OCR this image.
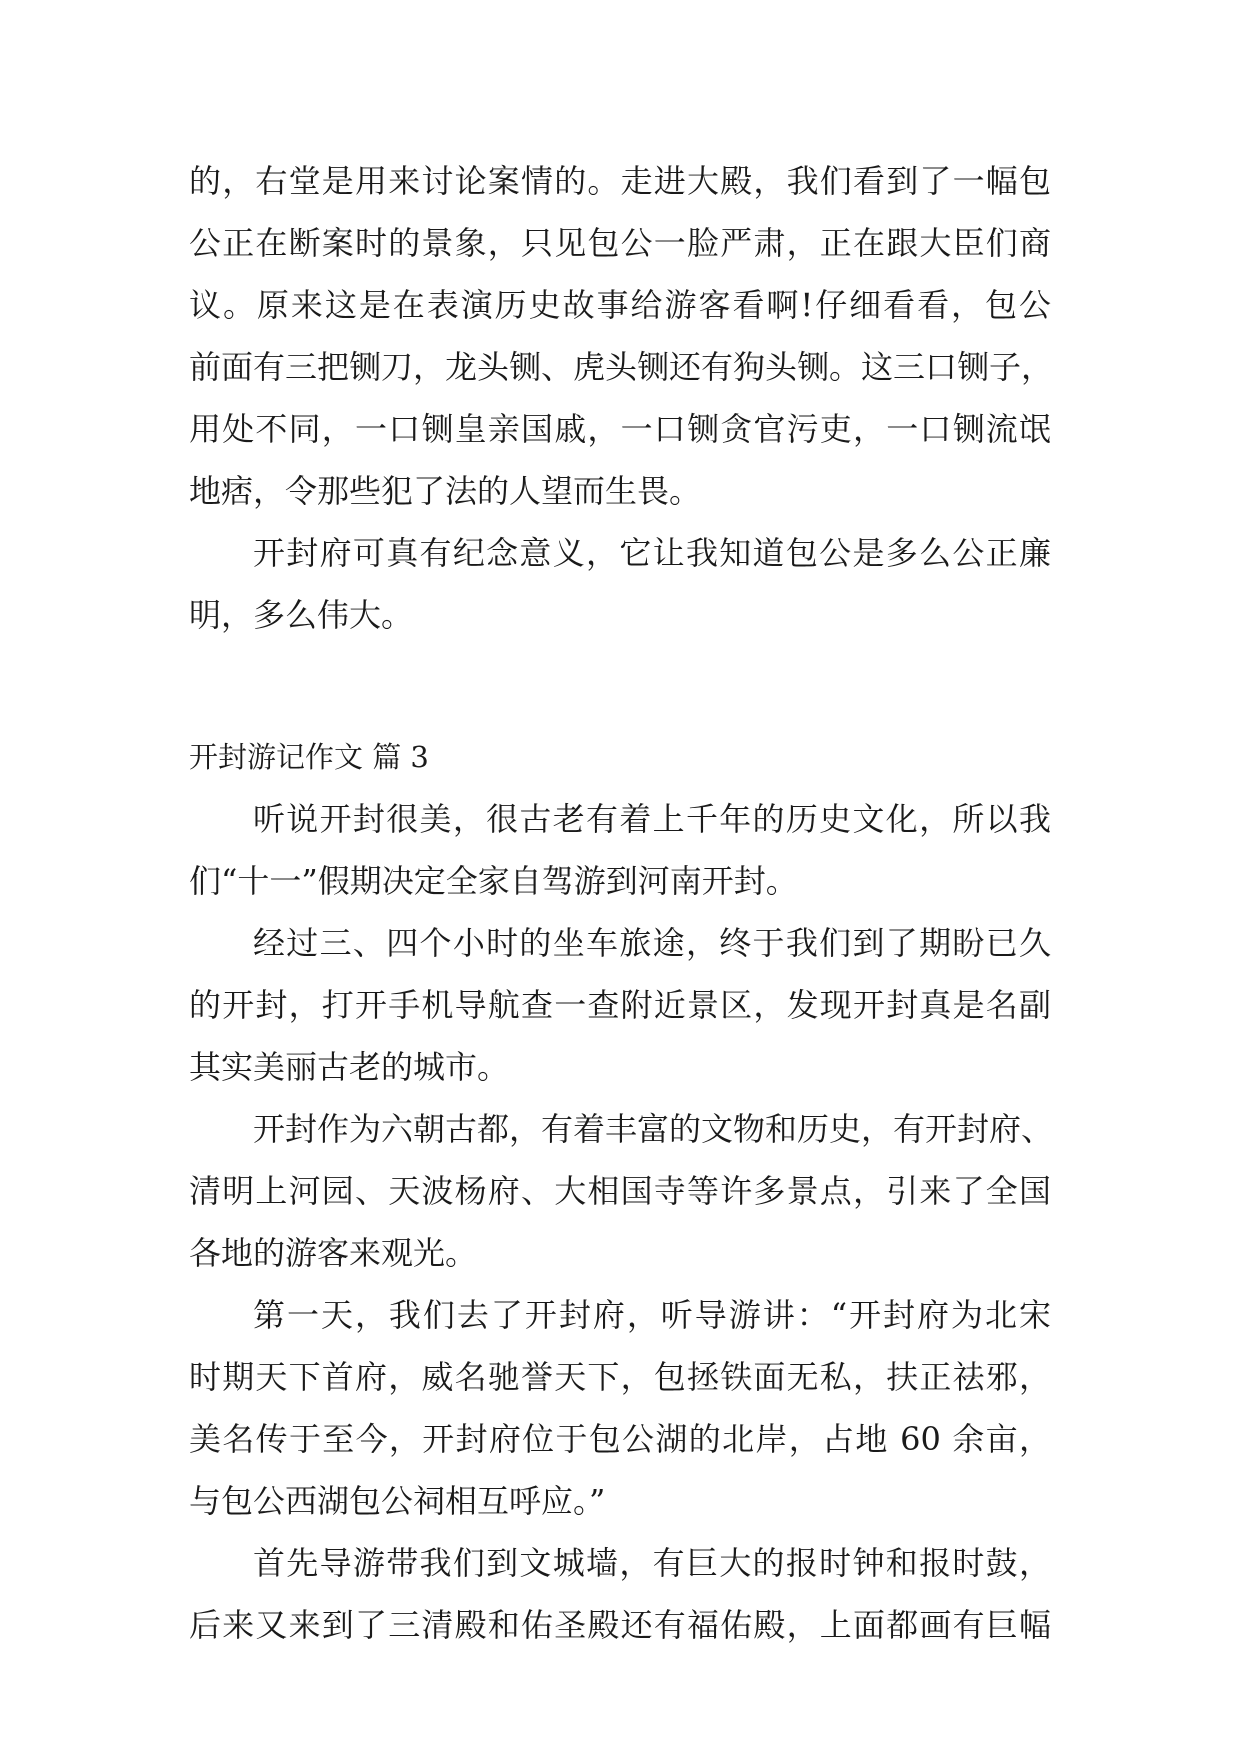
的，右堂是用来讨论案情的。走进大殿，我们看到了一幅包
公正在断案时的景象，只见包公一脸严肃，正在跟大臣们商
议。原来这是在表演历史故事给游客看啊!仔细看看，包公
前面有三把铡刀，龙头铡、虎头铡还有狗头铡。这三口铡子，
用处不同，一口铡皇亲国戚，一口铡贪官污吏，一口铡流氓
地痞，令那些犯了法的人望而生畏。
开封府可真有纪念意义，它让我知道包公是多么公正廉
明，多么伟大。
开封游记作文 篇 3
听说开封很美，很古老有着上千年的历史文化，所以我
们“十一”假期决定全家自驾游到河南开封。
经过三、四个小时的坐车旅途，终于我们到了期盼已久
的开封，打开手机导航查一查附近景区，发现开封真是名副
其实美丽古老的城市。
开封作为六朝古都，有着丰富的文物和历史，有开封府、
清明上河园、天波杨府、大相国寺等许多景点，引来了全国
各地的游客来观光。
第一天，我们去了开封府，听导游讲：“开封府为北宋
时期天下首府，威名驰誉天下，包拯铁面无私，扶正祛邪，
美名传于至今，开封府位于包公湖的北岸，占地 60 余亩，
与包公西湖包公祠相互呼应。”
首先导游带我们到文城墙，有巨大的报时钟和报时鼓，
后来又来到了三清殿和佑圣殿还有福佑殿，上面都画有巨幅
